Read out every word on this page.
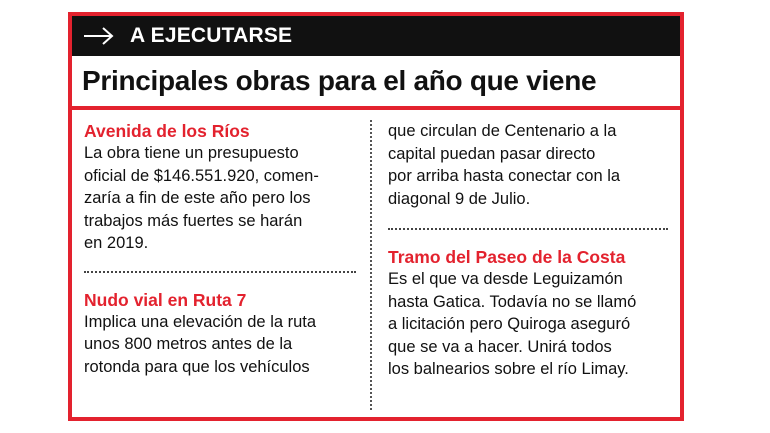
A EJECUTARSE
Principales obras para el año que viene

Avenida de los Ríos

La obra tiene un presupuesto
oficial de $146.551.920, comen-
zaría a fin de este año pero los
trabajos más fuertes se harán
en 2019.

Nudo vial en Ruta 7

Implica una elevación de la ruta
unos 800 metros antes de la
rotonda para que los vehículos
que circulan de Centenario a la
capital puedan pasar directo
por arriba hasta conectar con la
diagonal 9 de Julio.

Tramo del Paseo de la Costa

Es el que va desde Leguizamón
hasta Gatica. Todavía no se llamó
a licitación pero Quiroga aseguró
que se va a hacer. Unirá todos
los balnearios sobre el río Limay.
